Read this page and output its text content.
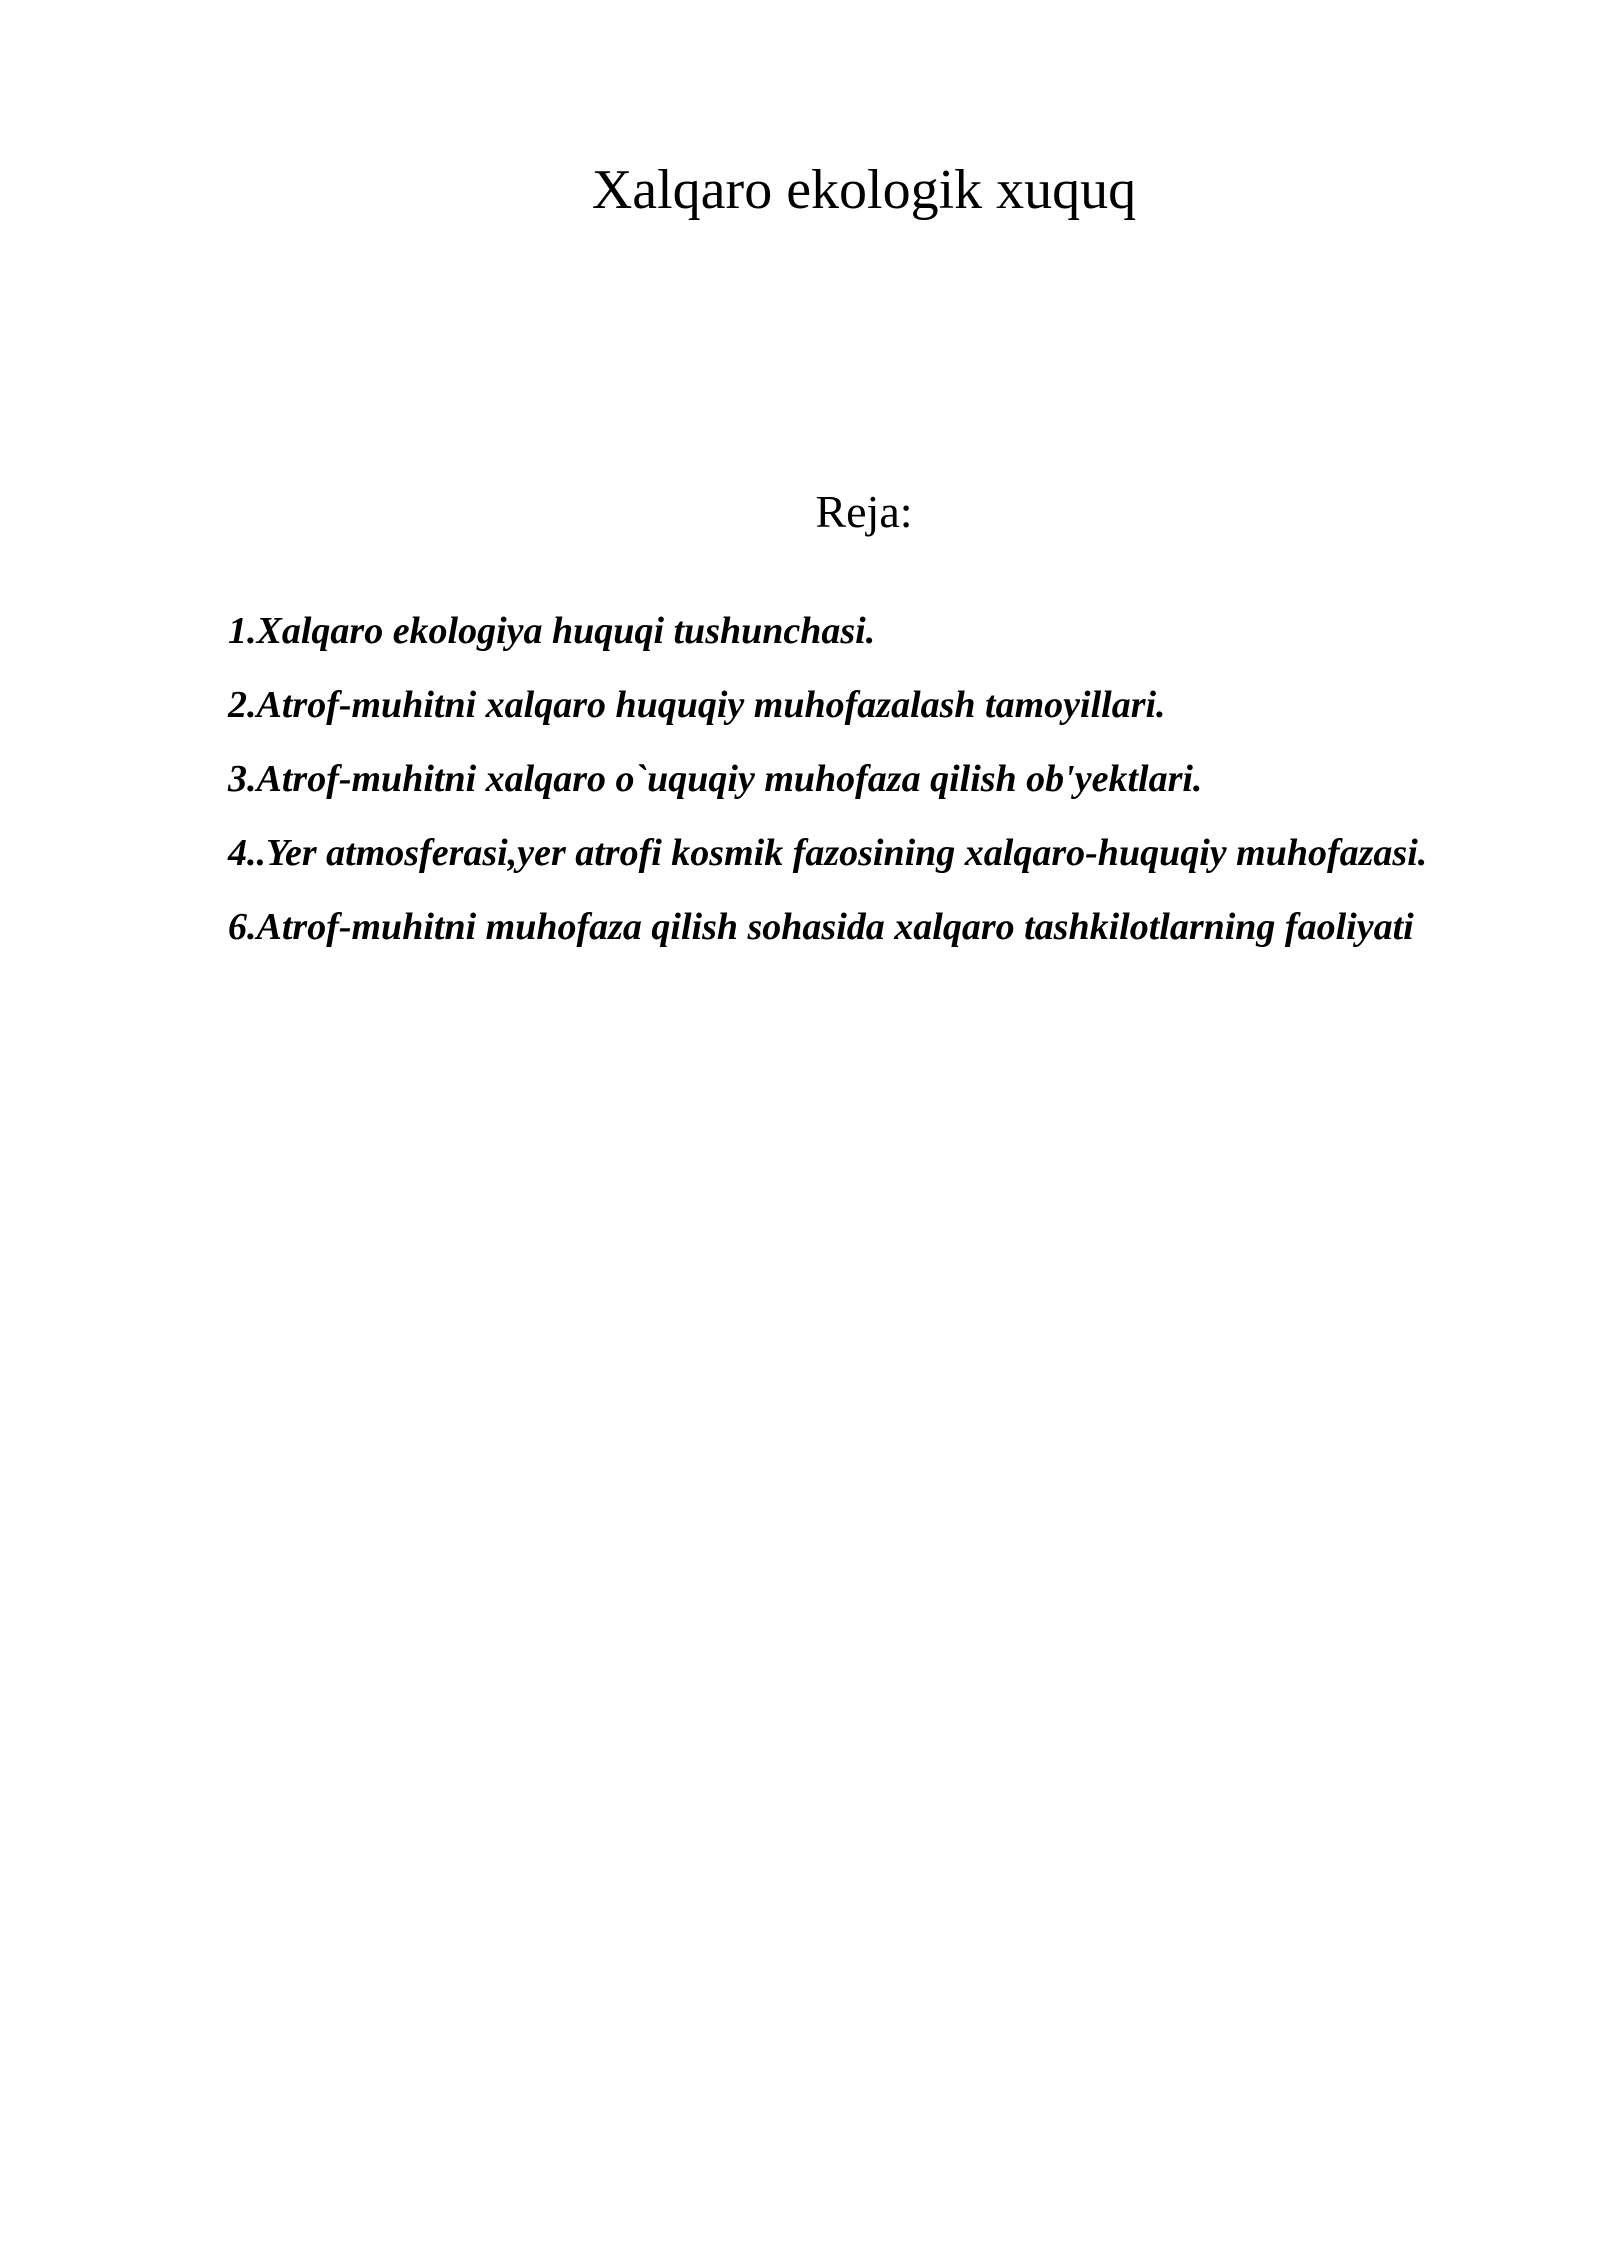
Xalqaro ekologik xuquq
Reja:
1.Xalqaro ekologiya huquqi tushunchasi.
2.Atrof-muhitni xalqaro huquqiy muhofazalash tamoyillari.
3.Atrof-muhitni xalqaro o`uquqiy muhofaza qilish ob'yektlari.
4..Yer atmosferasi,yer atrofi kosmik fazosining xalqaro-huquqiy muhofazasi.
6.Atrof-muhitni muhofaza qilish sohasida xalqaro tashkilotlarning faoliyati
